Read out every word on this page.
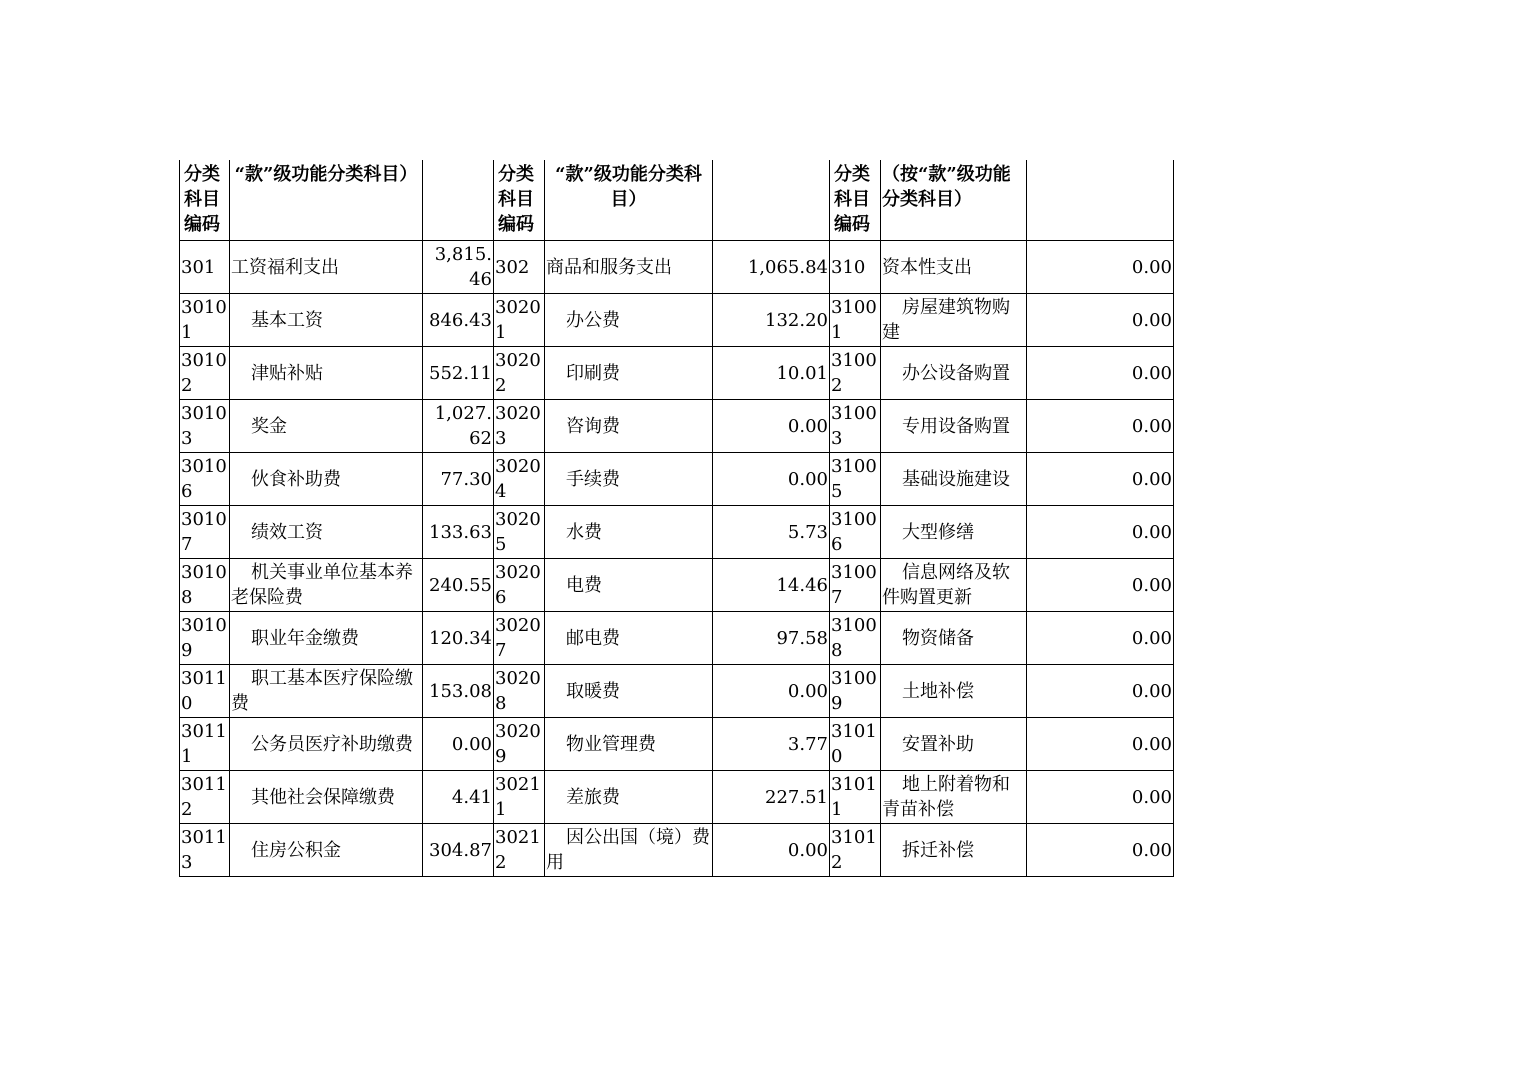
分类科目编码	“款”级功能分类科目）		分类科目编码	“款”级功能分类科目）		分类科目编码	（按“款”级功能分类科目）	
301	工资福利支出	3,815.46	302	商品和服务支出	1,065.84	310	资本性支出	0.00
30101	基本工资	846.43	30201	办公费	132.20	31001	房屋建筑物购建	0.00
30102	津贴补贴	552.11	30202	印刷费	10.01	31002	办公设备购置	0.00
30103	奖金	1,027.62	30203	咨询费	0.00	31003	专用设备购置	0.00
30106	伙食补助费	77.30	30204	手续费	0.00	31005	基础设施建设	0.00
30107	绩效工资	133.63	30205	水费	5.73	31006	大型修缮	0.00
30108	机关事业单位基本养老保险费	240.55	30206	电费	14.46	31007	信息网络及软件购置更新	0.00
30109	职业年金缴费	120.34	30207	邮电费	97.58	31008	物资储备	0.00
30110	职工基本医疗保险缴费	153.08	30208	取暖费	0.00	31009	土地补偿	0.00
30111	公务员医疗补助缴费	0.00	30209	物业管理费	3.77	31010	安置补助	0.00
30112	其他社会保障缴费	4.41	30211	差旅费	227.51	31011	地上附着物和青苗补偿	0.00
30113	住房公积金	304.87	30212	因公出国（境）费用	0.00	31012	拆迁补偿	0.00
